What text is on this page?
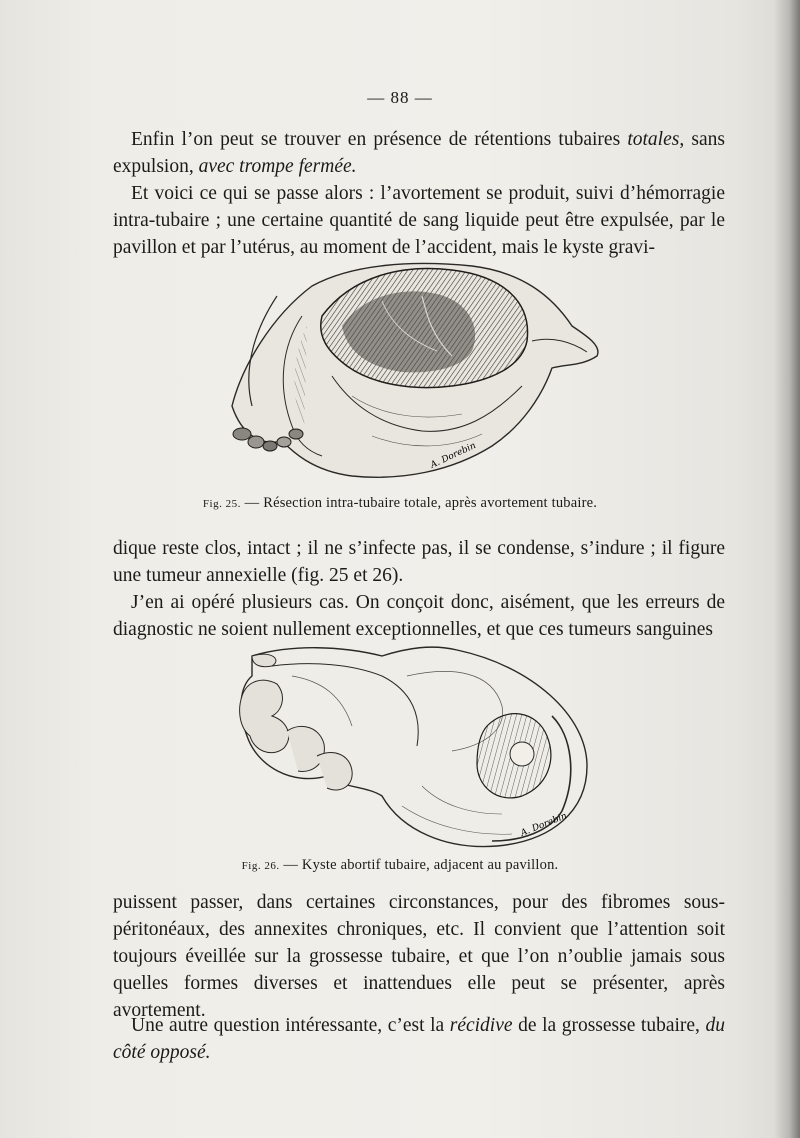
— 88 —

Enfin l’on peut se trouver en présence de rétentions tubaires totales, sans expulsion, avec trompe fermée.

Et voici ce qui se passe alors : l’avortement se produit, suivi d’hémorragie intra-tubaire ; une certaine quantité de sang liquide peut être expulsée, par le pavillon et par l’utérus, au moment de l’accident, mais le kyste gravi-

A. Dorebin
Fig. 25. — Résection intra-tubaire totale, après avortement tubaire.

dique reste clos, intact ; il ne s’infecte pas, il se condense, s’indure ; il figure une tumeur annexielle (fig. 25 et 26).

J’en ai opéré plusieurs cas. On conçoit donc, aisément, que les erreurs de diagnostic ne soient nullement exceptionnelles, et que ces tumeurs sanguines

A. Dorebin
Fig. 26. — Kyste abortif tubaire, adjacent au pavillon.

puissent passer, dans certaines circonstances, pour des fibromes sous-péritonéaux, des annexites chroniques, etc. Il convient que l’attention soit toujours éveillée sur la grossesse tubaire, et que l’on n’oublie jamais sous quelles formes diverses et inattendues elle peut se présenter, après avortement.

Une autre question intéressante, c’est la récidive de la grossesse tubaire, du côté opposé.
